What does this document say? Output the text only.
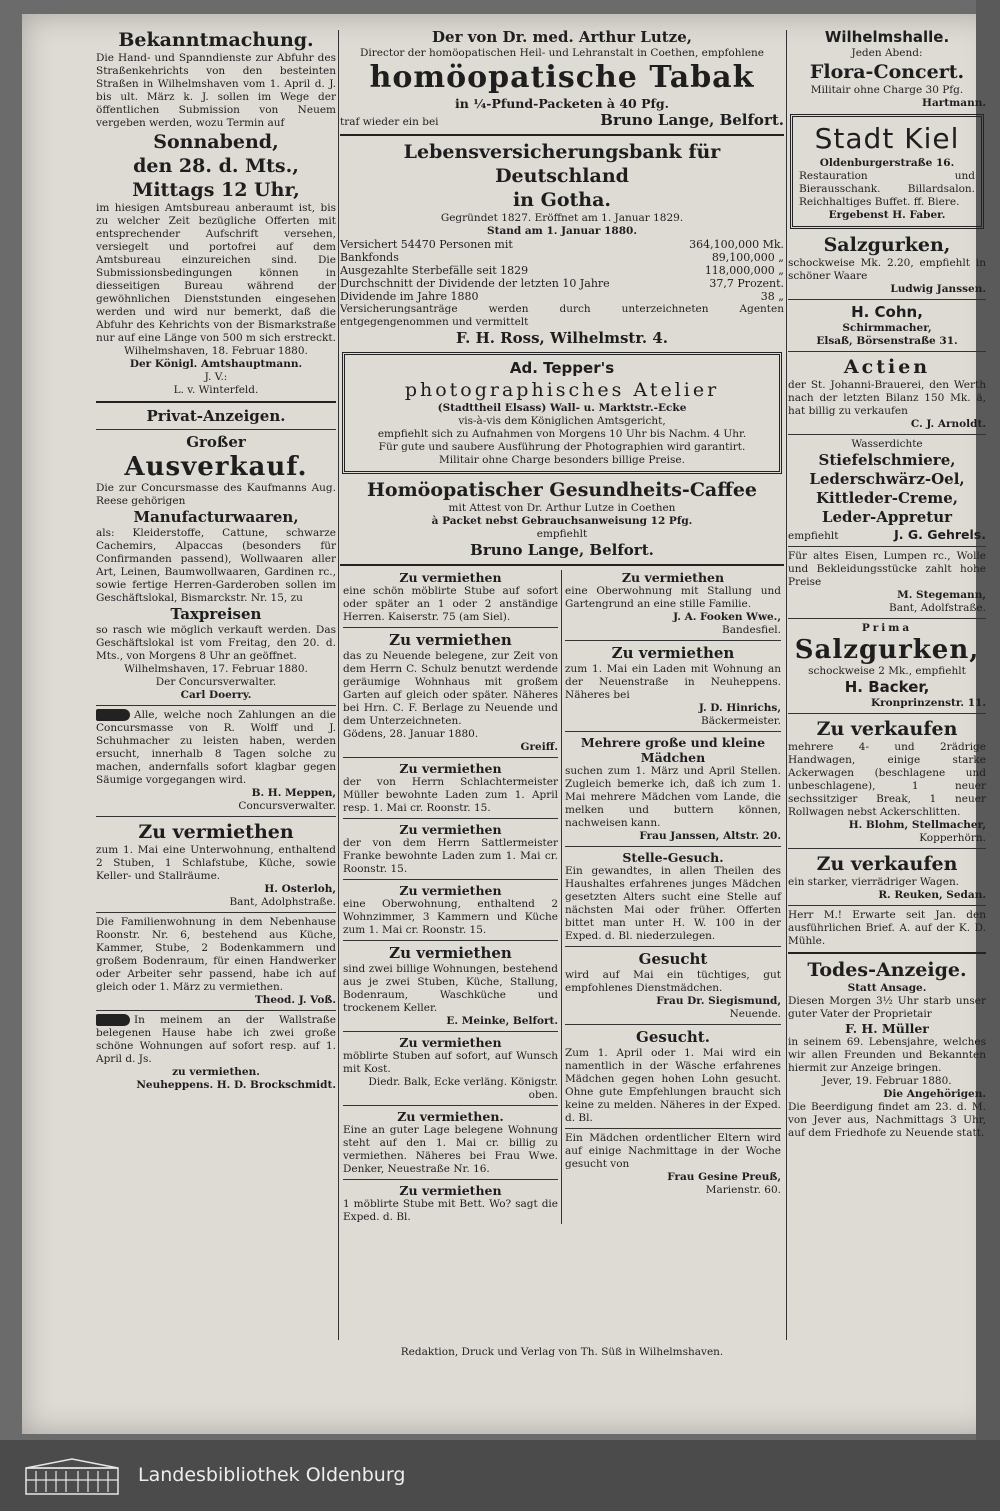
Bekanntmachung.

Die Hand- und Spanndienste zur Abfuhr des Straßenkehrichts von den besteinten Straßen in Wilhelmshaven vom 1. April d. J. bis ult. März k. J. sollen im Wege der öffentlichen Submission von Neuem vergeben werden, wozu Termin auf

Sonnabend,

den 28. d. Mts.,

Mittags 12 Uhr,

im hiesigen Amtsbureau anberaumt ist, bis zu welcher Zeit bezügliche Offerten mit entsprechender Aufschrift versehen, versiegelt und portofrei auf dem Amtsbureau einzureichen sind. Die Submissionsbedingungen können in diesseitigen Bureau während der gewöhnlichen Dienststunden eingesehen werden und wird nur bemerkt, daß die Abfuhr des Kehrichts von der Bismarkstraße nur auf eine Länge von 500 m sich erstreckt.

Wilhelmshaven, 18. Februar 1880.

Der Königl. Amtshauptmann.

J. V.:

L. v. Winterfeld.

Privat-Anzeigen.

Großer

Ausverkauf.

Die zur Concursmasse des Kaufmanns Aug. Reese gehörigen

Manufacturwaaren,

als: Kleiderstoffe, Cattune, schwarze Cachemirs, Alpaccas (besonders für Confirmanden passend), Wollwaaren aller Art, Leinen, Baumwollwaaren, Gardinen rc., sowie fertige Herren-Garderoben sollen im Geschäftslokal, Bismarckstr. Nr. 15, zu

Taxpreisen

so rasch wie möglich verkauft werden. Das Geschäftslokal ist vom Freitag, den 20. d. Mts., von Morgens 8 Uhr an geöffnet.

Wilhelmshaven, 17. Februar 1880.

Der Concursverwalter.

Carl Doerry.

Alle, welche noch Zahlungen an die Concursmasse von R. Wolff und J. Schuhmacher zu leisten haben, werden ersucht, innerhalb 8 Tagen solche zu machen, andernfalls sofort klagbar gegen Säumige vorgegangen wird.

B. H. Meppen,

Concursverwalter.

Zu vermiethen

zum 1. Mai eine Unterwohnung, enthaltend 2 Stuben, 1 Schlafstube, Küche, sowie Keller- und Stallräume.

H. Osterloh,

Bant, Adolphstraße.

Die Familienwohnung in dem Nebenhause Roonstr. Nr. 6, bestehend aus Küche, Kammer, Stube, 2 Bodenkammern und großem Bodenraum, für einen Handwerker oder Arbeiter sehr passend, habe ich auf gleich oder 1. März zu vermiethen.

Theod. J. Voß.

In meinem an der Wallstraße belegenen Hause habe ich zwei große schöne Wohnungen auf sofort resp. auf 1. April d. Js.

zu vermiethen.

Neuheppens. H. D. Brockschmidt.

Der von Dr. med. Arthur Lutze,

Director der homöopatischen Heil- und Lehranstalt in Coethen, empfohlene

homöopatische Tabak

in ¼-Pfund-Packeten à 40 Pfg.

traf wieder ein bei	Bruno Lange, Belfort.

Lebensversicherungsbank für Deutschland

in Gotha.

Gegründet 1827. Eröffnet am 1. Januar 1829.

Stand am 1. Januar 1880.

Versichert 54470 Personen mit	364,100,000 Mk.
Bankfonds	89,100,000 „
Ausgezahlte Sterbefälle seit 1829	118,000,000 „
Durchschnitt der Dividende der letzten 10 Jahre	37,7 Prozent.
Dividende im Jahre 1880	38 „

Versicherungsanträge werden durch unterzeichneten Agenten entgegengenommen und vermittelt

F. H. Ross, Wilhelmstr. 4.

Ad. Tepper's

photographisches Atelier

(Stadttheil Elsass) Wall- u. Marktstr.-Ecke

vis-à-vis dem Königlichen Amtsgericht,

empfiehlt sich zu Aufnahmen von Morgens 10 Uhr bis Nachm. 4 Uhr.

Für gute und saubere Ausführung der Photographien wird garantirt.

Militair ohne Charge besonders billige Preise.

Homöopatischer Gesundheits-Caffee

mit Attest von Dr. Arthur Lutze in Coethen

à Packet nebst Gebrauchsanweisung 12 Pfg.

empfiehlt

Bruno Lange, Belfort.

Zu vermiethen

eine schön möblirte Stube auf sofort oder später an 1 oder 2 anständige Herren. Kaiserstr. 75 (am Siel).

Zu vermiethen

das zu Neuende belegene, zur Zeit von dem Herrn C. Schulz benutzt werdende geräumige Wohnhaus mit großem Garten auf gleich oder später. Näheres bei Hrn. C. F. Berlage zu Neuende und dem Unterzeichneten.

Gödens, 28. Januar 1880.

Greiff.

Zu vermiethen

der von Herrn Schlachtermeister Müller bewohnte Laden zum 1. April resp. 1. Mai cr. Roonstr. 15.

Zu vermiethen

der von dem Herrn Sattlermeister Franke bewohnte Laden zum 1. Mai cr. Roonstr. 15.

Zu vermiethen

eine Oberwohnung, enthaltend 2 Wohnzimmer, 3 Kammern und Küche zum 1. Mai cr. Roonstr. 15.

Zu vermiethen

sind zwei billige Wohnungen, bestehend aus je zwei Stuben, Küche, Stallung, Bodenraum, Waschküche und trockenem Keller.

E. Meinke, Belfort.

Zu vermiethen

möblirte Stuben auf sofort, auf Wunsch mit Kost.

Diedr. Balk, Ecke verläng. Königstr. oben.

Zu vermiethen.

Eine an guter Lage belegene Wohnung steht auf den 1. Mai cr. billig zu vermiethen. Näheres bei Frau Wwe. Denker, Neuestraße Nr. 16.

Zu vermiethen

1 möblirte Stube mit Bett. Wo? sagt die Exped. d. Bl.

Zu vermiethen

eine Oberwohnung mit Stallung und Gartengrund an eine stille Familie.

J. A. Fooken Wwe.,

Bandesfiel.

Zu vermiethen

zum 1. Mai ein Laden mit Wohnung an der Neuenstraße in Neuheppens. Näheres bei

J. D. Hinrichs,

Bäckermeister.

Mehrere große und kleine Mädchen

suchen zum 1. März und April Stellen. Zugleich bemerke ich, daß ich zum 1. Mai mehrere Mädchen vom Lande, die melken und buttern können, nachweisen kann.

Frau Janssen, Altstr. 20.

Stelle-Gesuch.

Ein gewandtes, in allen Theilen des Haushaltes erfahrenes junges Mädchen gesetzten Alters sucht eine Stelle auf nächsten Mai oder früher. Offerten bittet man unter H. W. 100 in der Exped. d. Bl. niederzulegen.

Gesucht

wird auf Mai ein tüchtiges, gut empfohlenes Dienstmädchen.

Frau Dr. Siegismund,

Neuende.

Gesucht.

Zum 1. April oder 1. Mai wird ein namentlich in der Wäsche erfahrenes Mädchen gegen hohen Lohn gesucht. Ohne gute Empfehlungen braucht sich keine zu melden. Näheres in der Exped. d. Bl.

Ein Mädchen ordentlicher Eltern wird auf einige Nachmittage in der Woche gesucht von

Frau Gesine Preuß,

Marienstr. 60.

Wilhelmshalle.

Jeden Abend:

Flora-Concert.

Militair ohne Charge 30 Pfg.

Hartmann.

Stadt Kiel

Oldenburgerstraße 16.

Restauration und Bierausschank. Billardsalon. Reichhaltiges Buffet. ff. Biere.

Ergebenst H. Faber.

Salzgurken,

schockweise Mk. 2.20, empfiehlt in schöner Waare

Ludwig Janssen.

H. Cohn,

Schirmmacher,

Elsaß, Börsenstraße 31.

Actien

der St. Johanni-Brauerei, den Werth nach der letzten Bilanz 150 Mk. ä, hat billig zu verkaufen

C. J. Arnoldt.

Wasserdichte

Stiefelschmiere,

Lederschwärz-Oel,

Kittleder-Creme,

Leder-Appretur

empfiehlt	J. G. Gehrels.

Für altes Eisen, Lumpen rc., Wolle und Bekleidungsstücke zahlt hohe Preise

M. Stegemann,

Bant, Adolfstraße.

Prima

Salzgurken,

schockweise 2 Mk., empfiehlt

H. Backer,

Kronprinzenstr. 11.

Zu verkaufen

mehrere 4- und 2rädrige Handwagen, einige starke Ackerwagen (beschlagene und unbeschlagene), 1 neuer sechssitziger Break, 1 neuer Rollwagen nebst Ackerschlitten.

H. Blohm, Stellmacher,

Kopperhörn.

Zu verkaufen

ein starker, vierrädriger Wagen.

R. Reuken, Sedan.

Herr M.! Erwarte seit Jan. den ausführlichen Brief. A. auf der K. D. Mühle.

Todes-Anzeige.

Statt Ansage.

Diesen Morgen 3½ Uhr starb unser guter Vater der Proprietair

F. H. Müller

in seinem 69. Lebensjahre, welches wir allen Freunden und Bekannten hiermit zur Anzeige bringen.

Jever, 19. Februar 1880.

Die Angehörigen.

Die Beerdigung findet am 23. d. M. von Jever aus, Nachmittags 3 Uhr, auf dem Friedhofe zu Neuende statt.

Redaktion, Druck und Verlag von Th. Süß in Wilhelmshaven.

Landesbibliothek Oldenburg
